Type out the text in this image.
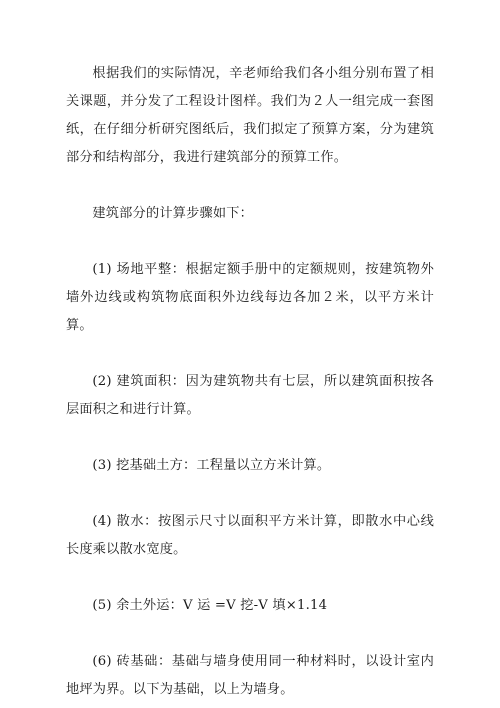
根据我们的实际情况，辛老师给我们各小组分别布置了相关课题，并分发了工程设计图样。我们为２人一组完成一套图纸，在仔细分析研究图纸后，我们拟定了预算方案，分为建筑部分和结构部分，我进行建筑部分的预算工作。

建筑部分的计算步骤如下：

(1) 场地平整：根据定额手册中的定额规则，按建筑物外墙外边线或构筑物底面积外边线每边各加２米，以平方米计算。

(2) 建筑面积：因为建筑物共有七层，所以建筑面积按各层面积之和进行计算。

(3) 挖基础土方：工程量以立方米计算。

(4) 散水：按图示尺寸以面积平方米计算，即散水中心线长度乘以散水宽度。

(5) 余土外运：V 运 =V 挖-V 填×1.14

(6) 砖基础：基础与墙身使用同一种材料时，以设计室内地坪为界。以下为基础，以上为墙身。
